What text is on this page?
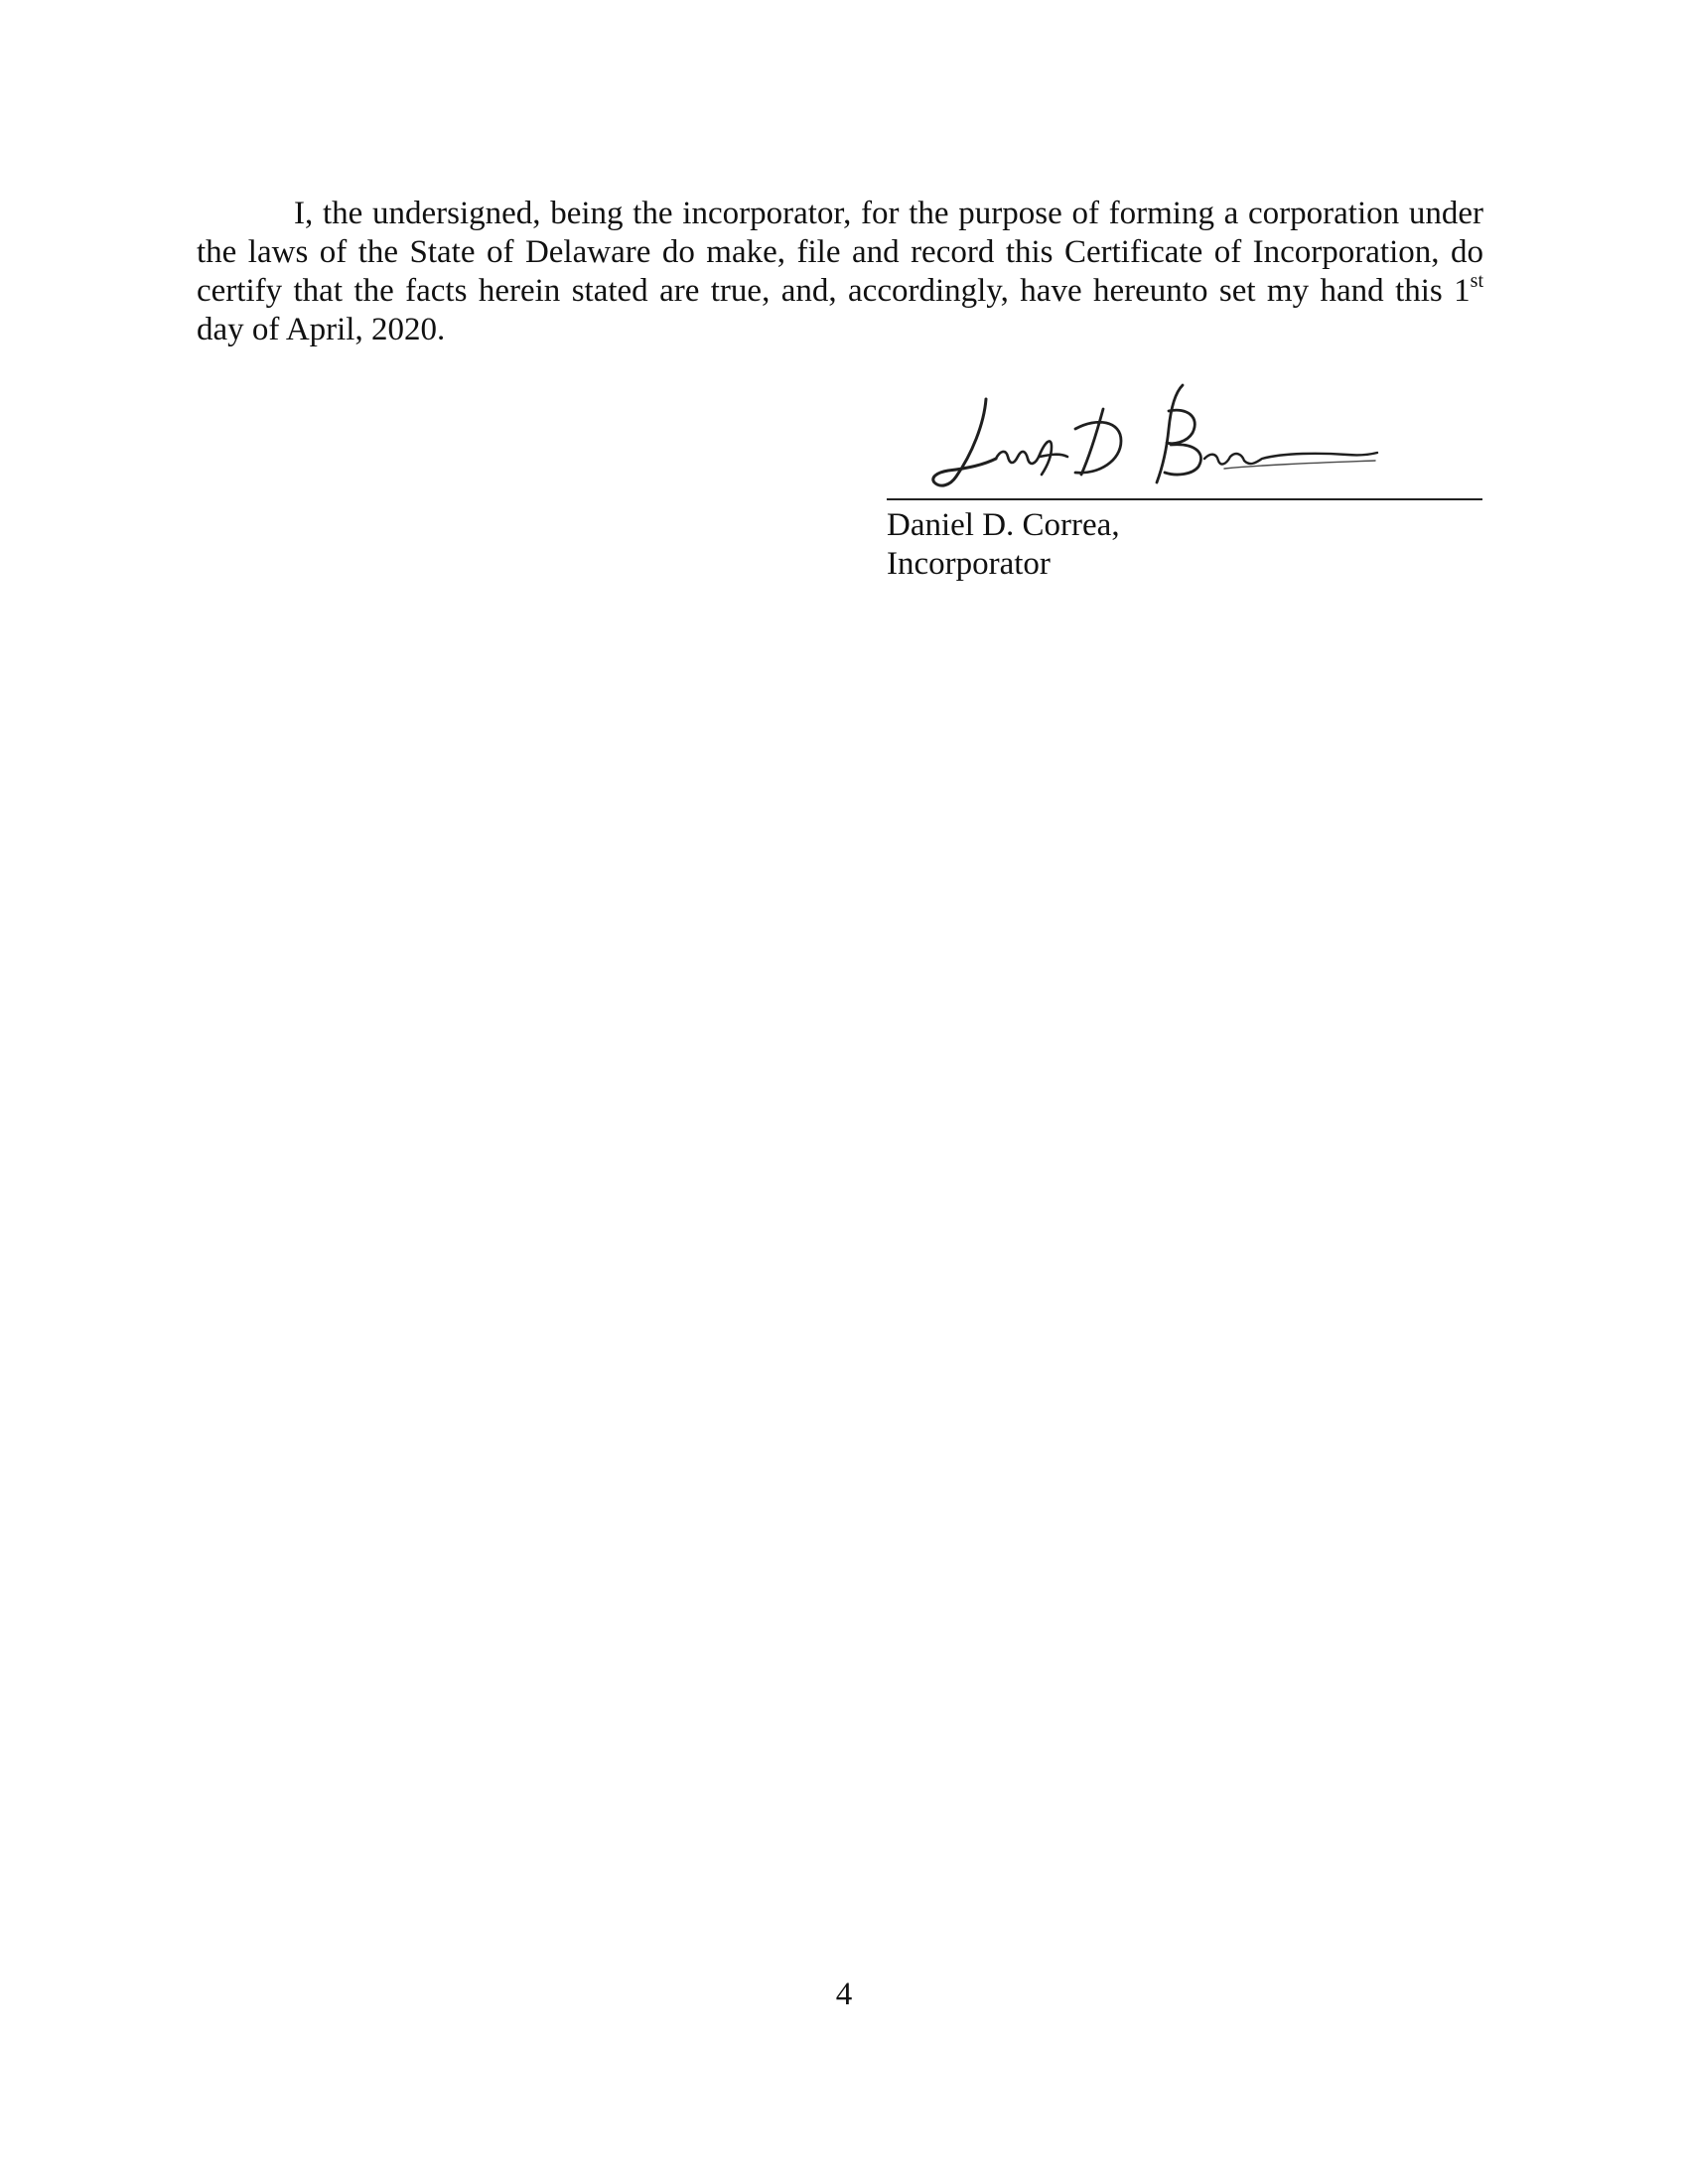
I, the undersigned, being the incorporator, for the purpose of forming a corporation under the laws of the State of Delaware do make, file and record this Certificate of Incorporation, do certify that the facts herein stated are true, and, accordingly, have hereunto set my hand this 1st day of April, 2020.

Daniel D. Correa,
Incorporator
4
